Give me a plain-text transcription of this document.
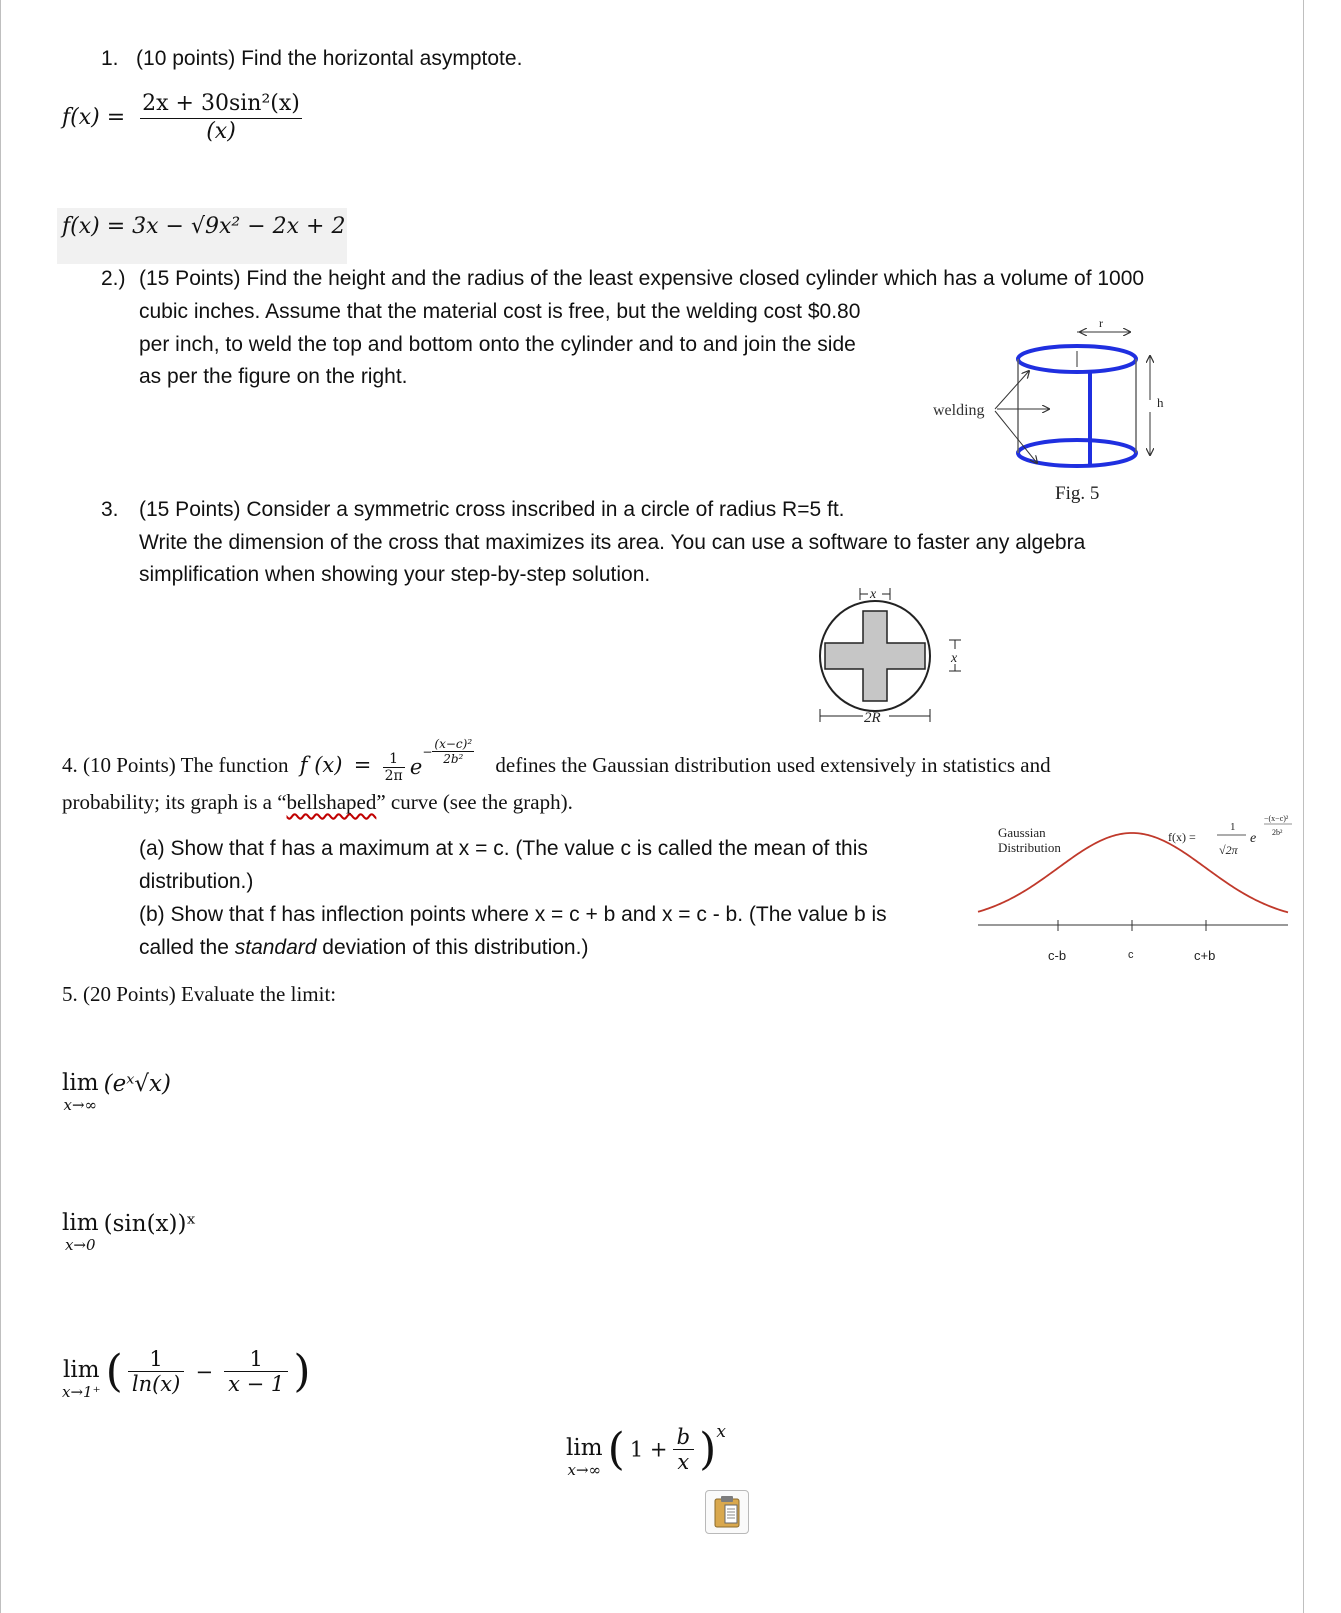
1. (10 points) Find the horizontal asymptote.
$f(x) = \frac{\text{2x + 30sin²(x)}}{(x)}$
f(x) = 3x − √9x² − 2x + 2
2.) (15 Points) Find the height and the radius of the least expensive closed cylinder which has a volume of 1000
cubic inches. Assume that the material cost is free, but the welding cost $0.80
per inch, to weld the top and bottom onto the cylinder and to and join the side
as per the figure on the right.
r
h
welding
Fig. 5
3. (15 Points) Consider a symmetric cross inscribed in a circle of radius R=5 ft.
Write the dimension of the cross that maximizes its area. You can use a software to faster any algebra
simplification when showing your step-by-step solution.
x
x
2R
4. (10 Points) The function f $(x) = \frac{1}{2\pi} e- \frac{\text{(x−c)²}}{\text{2b²}}$ defines the Gaussian distribution used extensively in statistics and
probability; its graph is a “bellshaped” curve (see the graph).
(a) Show that f has a maximum at x = c. (The value c is called the mean of this
distribution.)
(b) Show that f has inflection points where x = c + b and x = c - b. (The value b is
called the standard deviation of this distribution.)	c-b	c	c+b
Gaussian
Distribution
f(x) =
1
√2π
e
−(x−c)²
2b²
5. (20 Points) Evaluate the limit:
lim
x→∞
(eˣ√x)
lim
x→0
(sin(x))ˣ
lim
x→1⁺ ( $\frac{1}{\ln(x)} - \frac{1}{x - 1}$ )
lim
x→∞ ( $1 + \frac{b}{x} )x$
